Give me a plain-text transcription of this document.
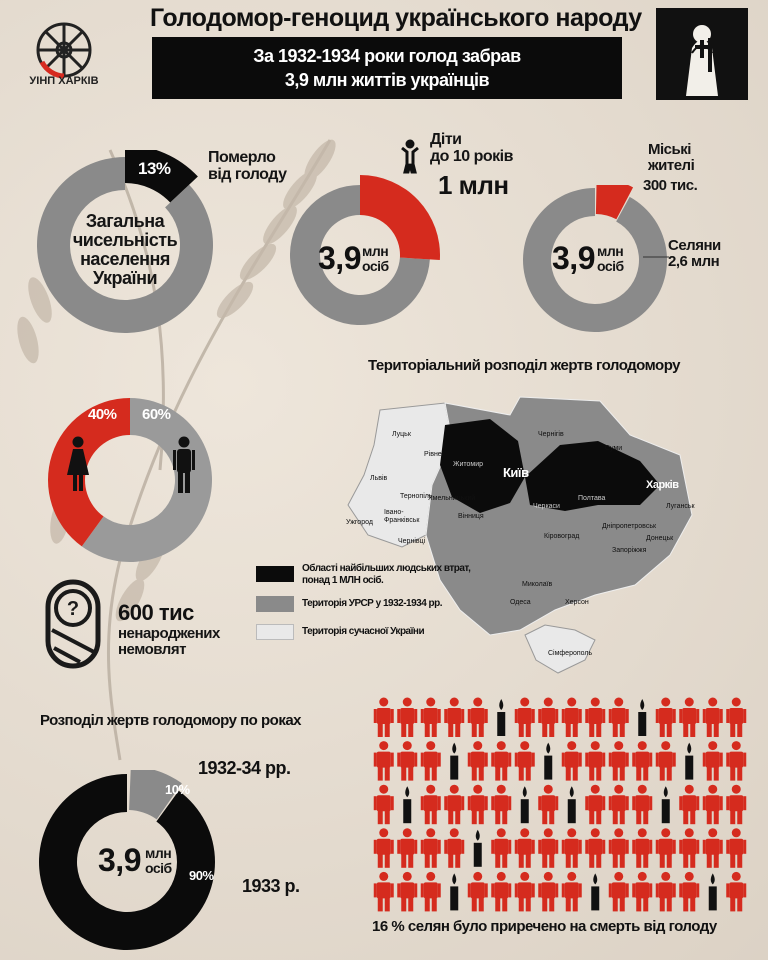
УІНП ХАРКІВ
Голодомор-геноцид українського народу
За 1932-1934 роки голод забрав
3,9 млн життів українців
13%
Померло
від голоду
Загальна
чисельність
населення
України
Діти
до 10 років
1 млн
3,9 млн
осіб
Міські
жителі
300 тис.
Селяни
2,6 млн
3,9 млн
осіб
Територіальний розподіл жертв голодомору
Київ
Харків
Чернігів
Суми
Житомир
Полтава
Черкаси
Вінниця
Хмельницький
Луцьк
Рівне
Львів
Тернопіль
Ужгород
Івано-
Франківськ
Чернівці
Кіровоград
Дніпропетровськ
Луганськ
Донецьк
Запоріжжя
Миколаїв
Одеса	Херсон
Сімферополь
Області найбільших людських втрат,
понад 1 МЛН осіб.
Територія УРСР у 1932-1934 рр.
Територія сучасної України
40% 60%
? 600 тис
ненароджених
немовлят
Розподіл жертв голодомору по роках
10%
90%
1932-34 рр.
1933 р.
3,9 млн
осіб
16 % селян було приречено на смерть від голоду
